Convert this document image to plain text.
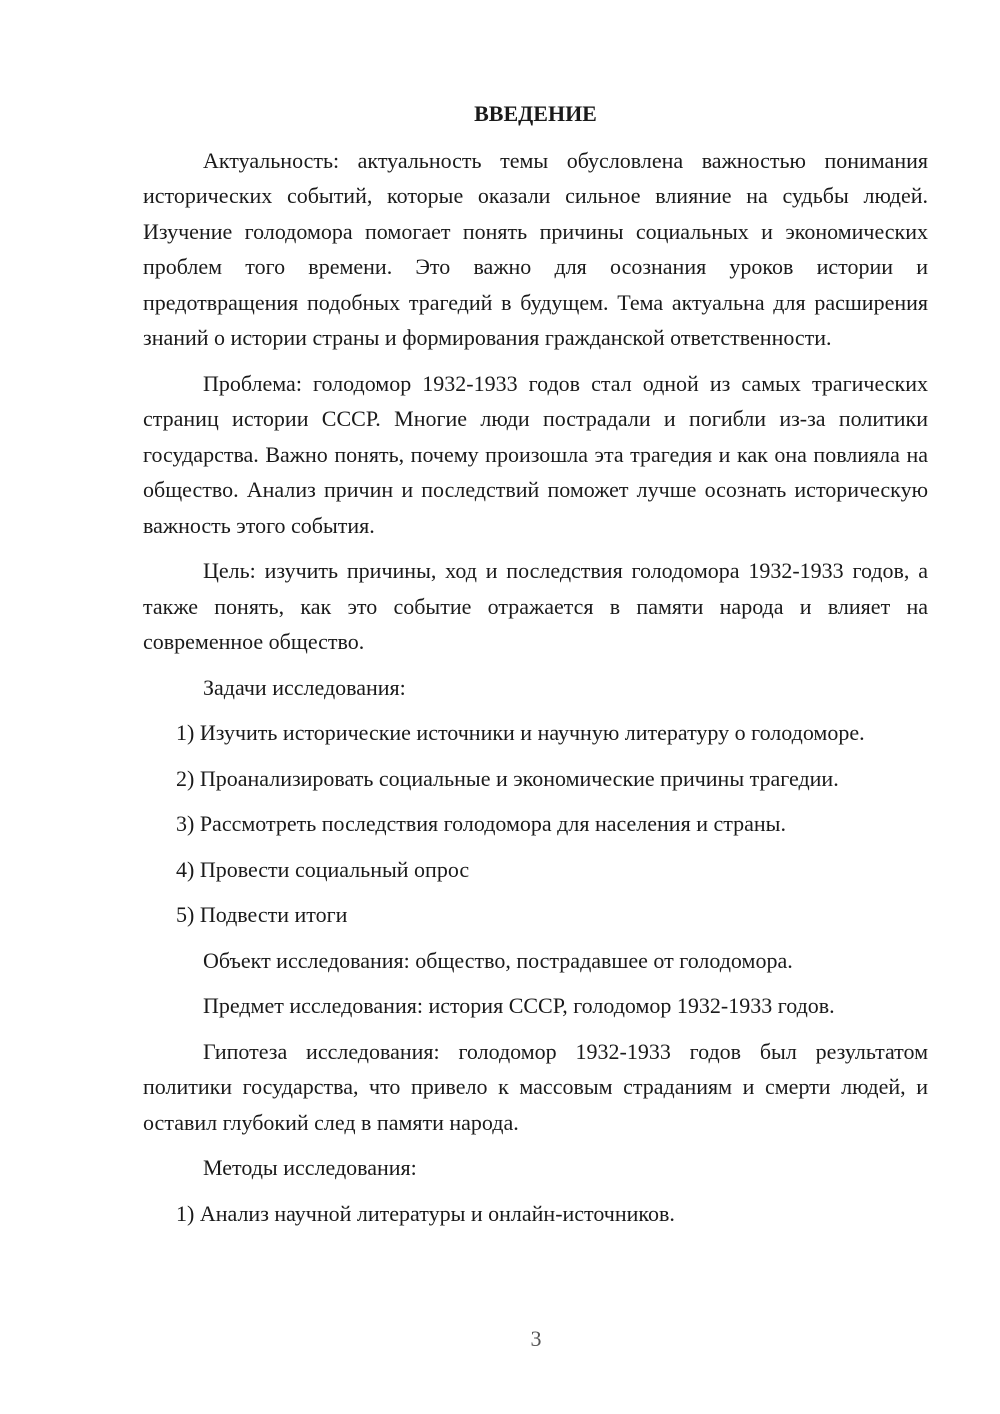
ВВЕДЕНИЕ

Актуальность: актуальность темы обусловлена важностью понимания исторических событий, которые оказали сильное влияние на судьбы людей. Изучение голодомора помогает понять причины социальных и экономических проблем того времени. Это важно для осознания уроков истории и предотвращения подобных трагедий в будущем. Тема актуальна для расширения знаний о истории страны и формирования гражданской ответственности.

Проблема: голодомор 1932-1933 годов стал одной из самых трагических страниц истории СССР. Многие люди пострадали и погибли из-за политики государства. Важно понять, почему произошла эта трагедия и как она повлияла на общество. Анализ причин и последствий поможет лучше осознать историческую важность этого события.

Цель: изучить причины, ход и последствия голодомора 1932-1933 годов, а также понять, как это событие отражается в памяти народа и влияет на современное общество.

Задачи исследования:

1) Изучить исторические источники и научную литературу о голодоморе.

2) Проанализировать социальные и экономические причины трагедии.

3) Рассмотреть последствия голодомора для населения и страны.

4) Провести социальный опрос

5) Подвести итоги

Объект исследования: общество, пострадавшее от голодомора.

Предмет исследования: история СССР, голодомор 1932-1933 годов.

Гипотеза исследования: голодомор 1932-1933 годов был результатом политики государства, что привело к массовым страданиям и смерти людей, и оставил глубокий след в памяти народа.

Методы исследования:

1) Анализ научной литературы и онлайн-источников.

3
